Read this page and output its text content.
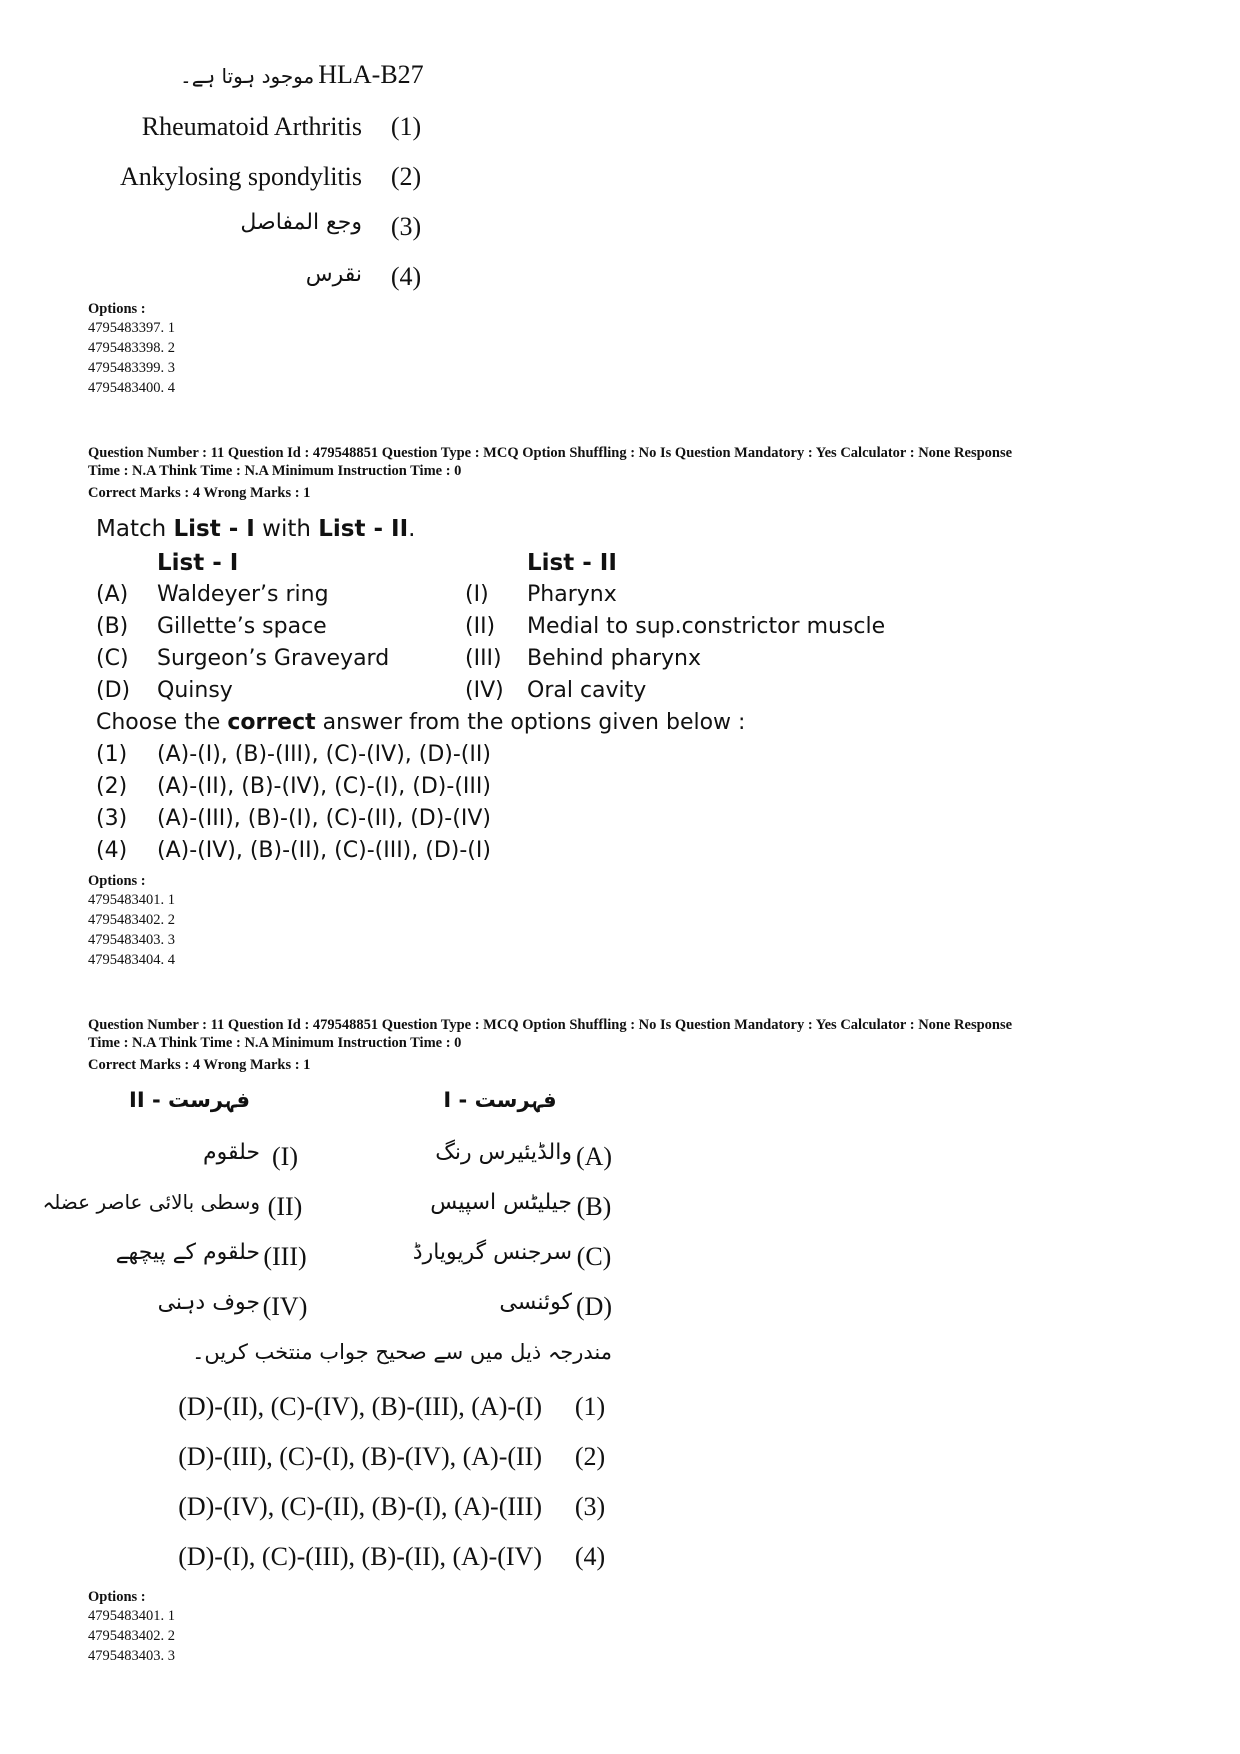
موجود ہوتا ہے۔ HLA-B27
Rheumatoid Arthritis (1)
Ankylosing spondylitis (2)
وجع المفاصل (3)
نقرس (4)
Options :
4795483397. 1
4795483398. 2
4795483399. 3
4795483400. 4
Question Number : 11 Question Id : 479548851 Question Type : MCQ Option Shuffling : No Is Question Mandatory : Yes Calculator : None Response
Time : N.A Think Time : N.A Minimum Instruction Time : 0
Correct Marks : 4 Wrong Marks : 1
Match List - I with List - II.
List - I	List - II
(A) Waldeyer’s ring	(I) Pharynx
(B) Gillette’s space	(II) Medial to sup.constrictor muscle
(C) Surgeon’s Graveyard	(III) Behind pharynx
(D) Quinsy	(IV) Oral cavity
Choose the correct answer from the options given below :
(1) (A)-(I), (B)-(III), (C)-(IV), (D)-(II)
(2) (A)-(II), (B)-(IV), (C)-(I), (D)-(III)
(3) (A)-(III), (B)-(I), (C)-(II), (D)-(IV)
(4) (A)-(IV), (B)-(II), (C)-(III), (D)-(I)
Options :
4795483401. 1
4795483402. 2
4795483403. 3
4795483404. 4
Question Number : 11 Question Id : 479548851 Question Type : MCQ Option Shuffling : No Is Question Mandatory : Yes Calculator : None Response
Time : N.A Think Time : N.A Minimum Instruction Time : 0
Correct Marks : 4 Wrong Marks : 1
فہرست - II	فہرست - I
حلقوم (I)	والڈیئیرس رنگ (A)
وسطی بالائی عاصر عضلہ (II)	جیلیٹس اسپیس (B)
حلقوم کے پیچھے (III)	سرجنس گریویارڈ (C)
جوف دہنی (IV)	کوئنسی (D)
مندرجہ ذیل میں سے صحیح جواب منتخب کریں۔
(D)-(II), (C)-(IV), (B)-(III), (A)-(I) (1)
(D)-(III), (C)-(I), (B)-(IV), (A)-(II) (2)
(D)-(IV), (C)-(II), (B)-(I), (A)-(III) (3)
(D)-(I), (C)-(III), (B)-(II), (A)-(IV) (4)
Options :
4795483401. 1
4795483402. 2
4795483403. 3
